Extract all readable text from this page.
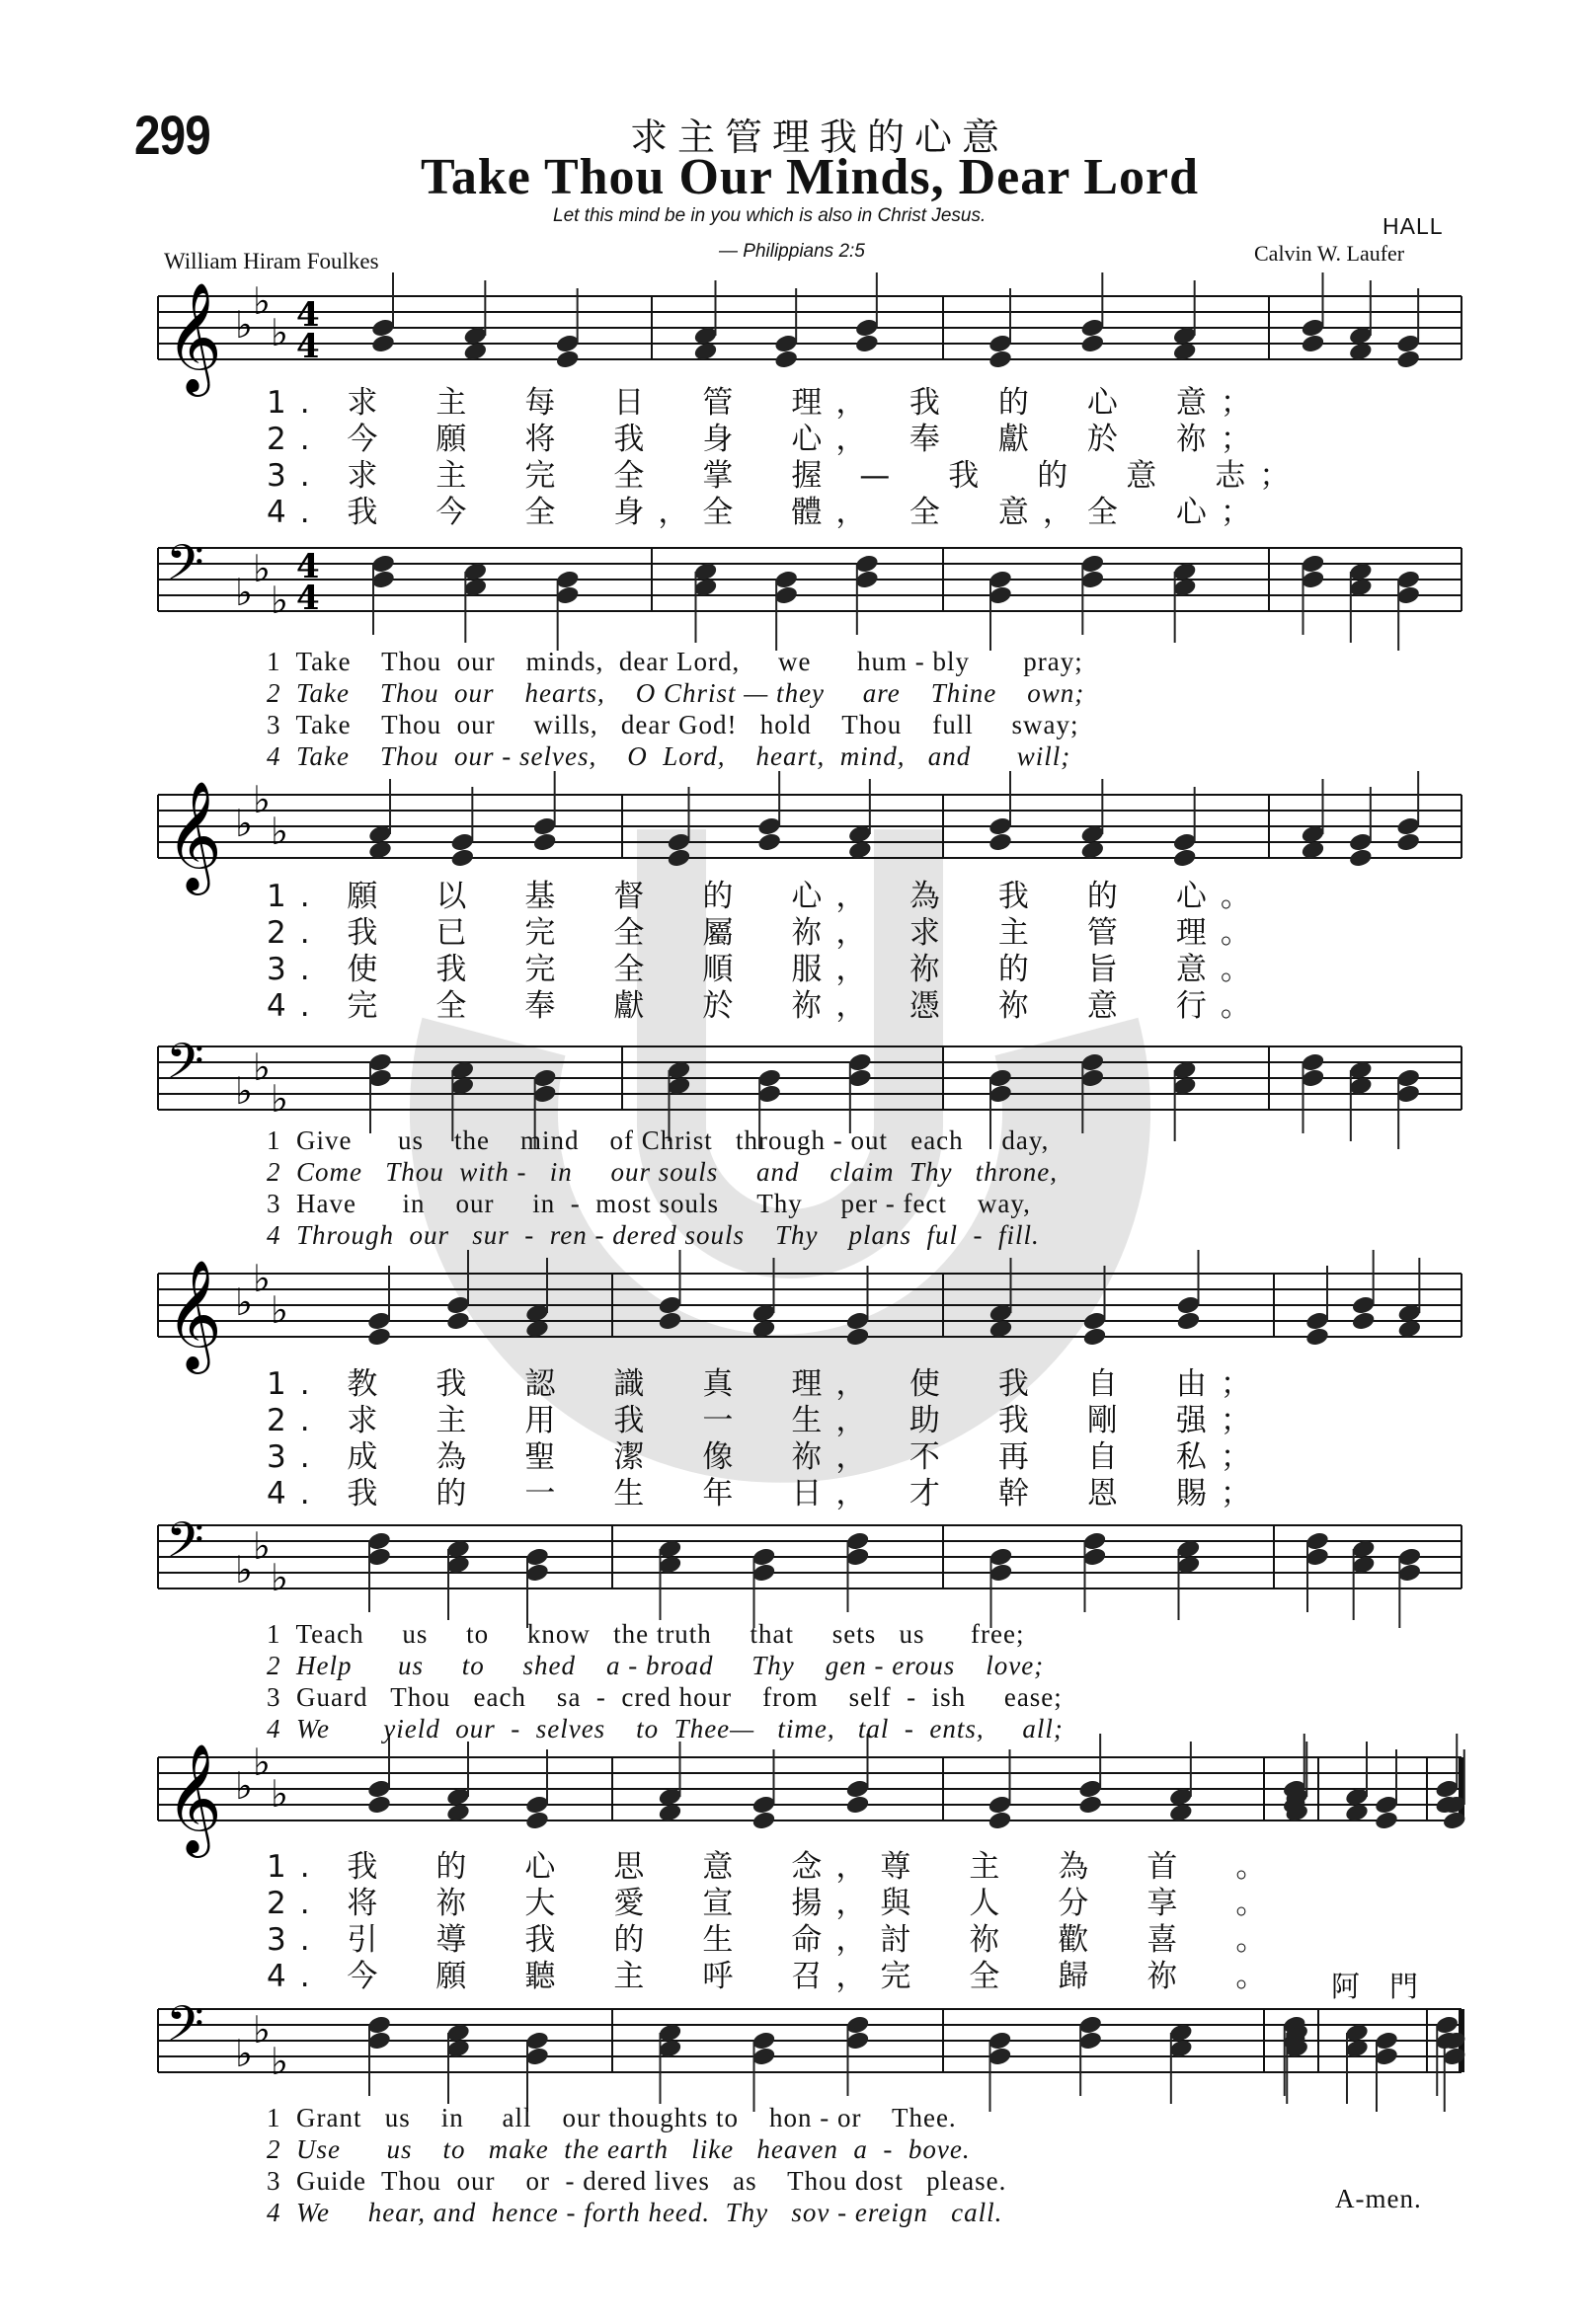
299	求主管理我的心意
Take Thou Our Minds, Dear Lord
Let this mind be in you which is also in Christ Jesus.
— Philippians 2:5
William Hiram Foulkes
HALL
Calvin W. Laufer
𝄞 ♭
♭
♭ 4
4
𝄢 ♭
♭
♭
4
4
𝄞 ♭
♭
♭
𝄢 ♭
♭
♭
𝄞 ♭
♭
♭
𝄢 ♭
♭
♭
𝄞 ♭
♭
♭
𝄢 ♭
♭
♭
阿門
A-men.
1. 求　主　每　日　管　理，　我　的　心　意；
2. 今　願　将　我　身　心，　奉　獻　於　祢；
3. 求　主　完　全　掌　握 —　我　的　意　志；
4. 我　今　全　身，全　體，　全　意，全　心；
1  Take    Thou  our    minds,  dear Lord,     we      hum - bly       pray;
2  Take    Thou  our    hearts,    O Christ — they     are    Thine    own;
3  Take    Thou  our     wills,   dear God!   hold    Thou    full     sway;
4  Take    Thou  our - selves,    O  Lord,    heart,  mind,   and      will;
1. 願　以　基　督　的　心，　為　我　的　心。
2. 我　已　完　全　屬　祢，　求　主　管　理。
3. 使　我　完　全　順　服，　祢　的　旨　意。
4. 完　全　奉　獻　於　祢，　憑　祢　意　行。
1  Give      us    the    mind    of Christ   through - out   each     day,
2  Come   Thou  with -   in     our souls     and    claim  Thy   throne,
3  Have      in    our     in  -  most souls     Thy     per - fect    way,
4  Through  our   sur  -  ren - dered souls    Thy    plans  ful  -  fill.
1. 教　我　認　識　真　理，　使　我　自　由；
2. 求　主　用　我　一　生，　助　我　剛　强；
3. 成　為　聖　潔　像　祢，　不　再　自　私；
4. 我　的　一　生　年　日，　才　幹　恩　賜；
1  Teach     us     to     know   the truth     that     sets   us      free;
2  Help      us     to     shed    a - broad     Thy    gen - erous    love;
3  Guard   Thou   each    sa  -  cred hour    from    self  -  ish     ease;
4  We       yield  our  -  selves    to  Thee—   time,   tal  -  ents,     all;
1. 我　的　心　思　意　念，尊　主　為　首　。
2. 将　祢　大　愛　宣　揚，與　人　分　享　。
3. 引　導　我　的　生　命，討　祢　歡　喜　。
4. 今　願　聽　主　呼　召，完　全　歸　祢　。
1  Grant   us    in     all    our thoughts to    hon - or    Thee.
2  Use      us    to   make  the earth   like   heaven  a  -  bove.
3  Guide  Thou  our    or  - dered lives   as    Thou dost   please.
4  We     hear, and  hence - forth heed.  Thy   sov - ereign   call.
